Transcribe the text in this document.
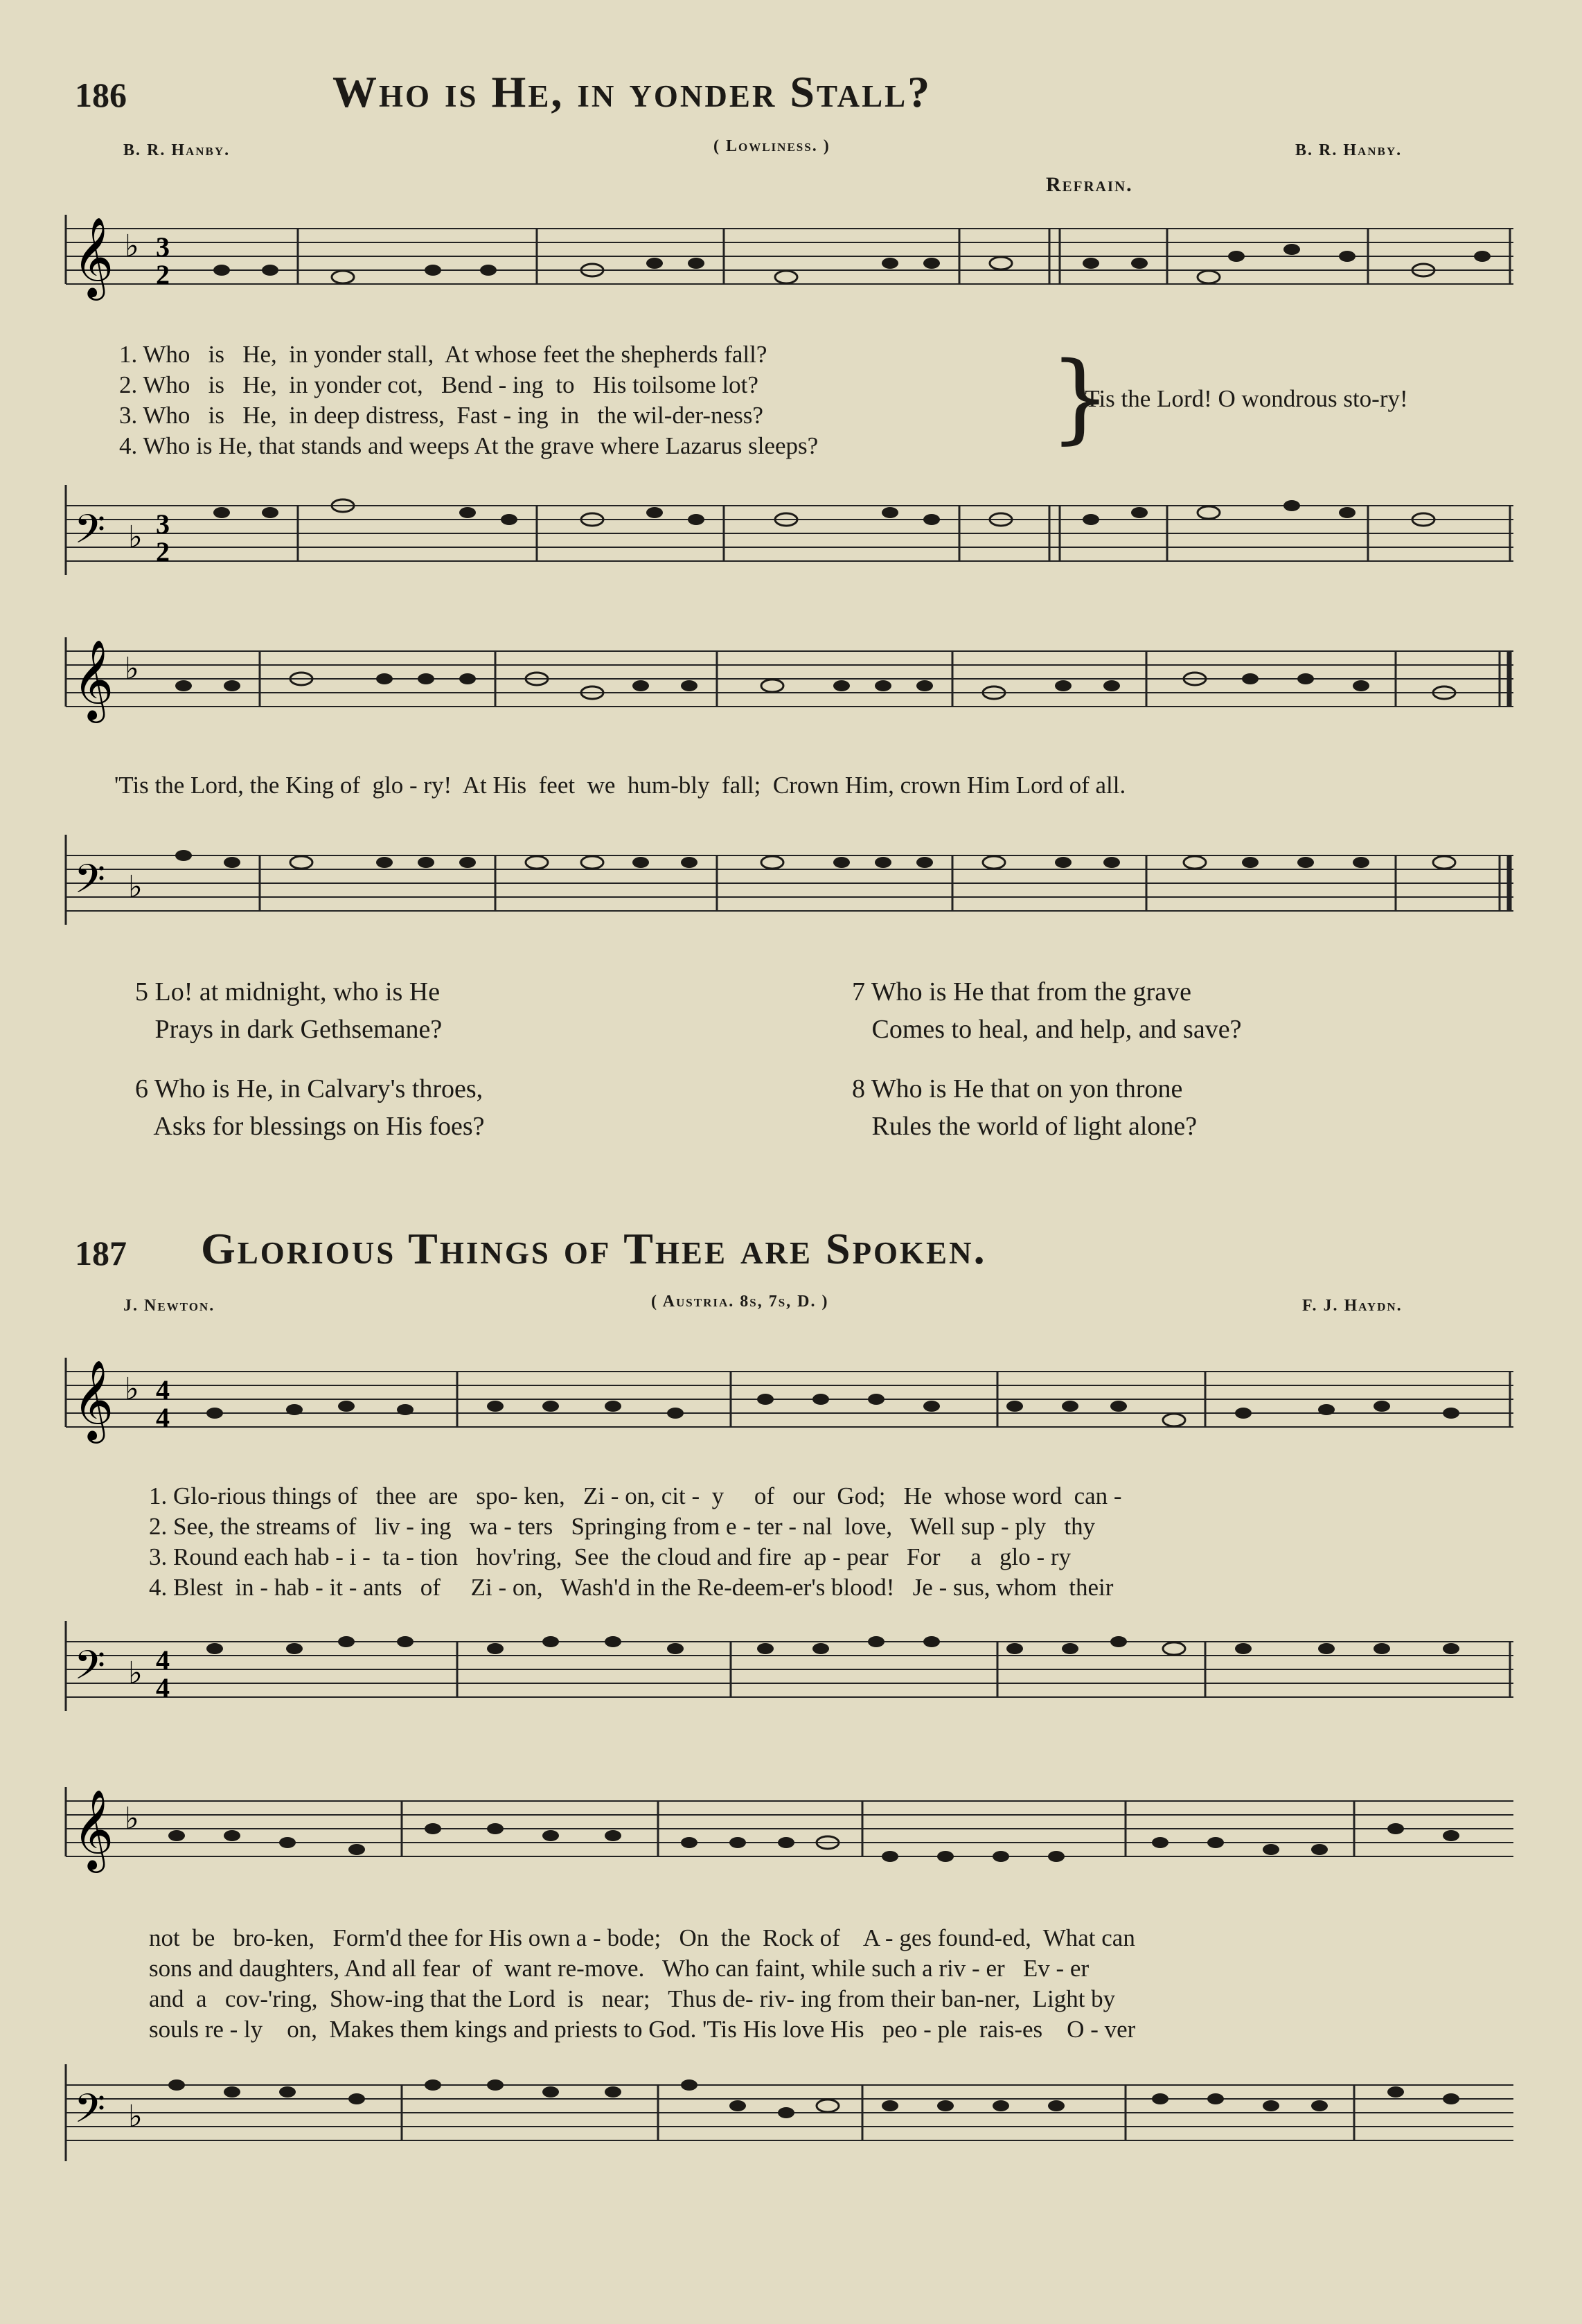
186	Who is He, in yonder Stall?
B. R. Hanby.	( Lowliness. )	B. R. Hanby.
Refrain.
𝄞 ♭ 3
2
1. Who   is   He,  in yonder stall,  At whose feet the shepherds fall?
2. Who   is   He,  in yonder cot,   Bend - ing  to   His toilsome lot?
3. Who   is   He,  in deep distress,  Fast - ing  in   the wil-der-ness?
4. Who is He, that stands and weeps At the grave where Lazarus sleeps? }
'Tis the Lord! O wondrous sto-ry!
𝄢 ♭ 3
2
𝄞 ♭
'Tis the Lord, the King of  glo - ry!  At His  feet  we  hum-bly  fall;  Crown Him, crown Him Lord of all.
𝄢 ♭
5 Lo! at midnight, who is He
Prays in dark Gethsemane?
6 Who is He, in Calvary's throes,
Asks for blessings on His foes?
7 Who is He that from the grave
Comes to heal, and help, and save?
8 Who is He that on yon throne
Rules the world of light alone?
187 Glorious Things of Thee are Spoken.
J. Newton.	( Austria. 8s, 7s, D. )	F. J. Haydn.
𝄞 ♭ 4
4
1. Glo-rious things of   thee  are   spo- ken,   Zi - on, cit -  y     of   our  God;   He  whose word  can -
2. See, the streams of   liv - ing   wa - ters   Springing from e - ter - nal  love,   Well sup - ply   thy
3. Round each hab - i -  ta - tion   hov'ring,  See  the cloud and fire  ap - pear   For     a   glo - ry
4. Blest  in - hab - it - ants   of     Zi - on,   Wash'd in the Re-deem-er's blood!   Je - sus, whom  their
𝄢 ♭ 4
4
𝄞 ♭
not  be   bro-ken,   Form'd thee for His own a - bode;   On  the  Rock of    A - ges found-ed,  What can
sons and daughters, And all fear  of  want re-move.   Who can faint, while such a riv - er   Ev - er
and  a   cov-'ring,  Show-ing that the Lord  is   near;   Thus de- riv- ing from their ban-ner,  Light by
souls re - ly    on,  Makes them kings and priests to God. 'Tis His love His   peo - ple  rais-es    O - ver
𝄢 ♭
